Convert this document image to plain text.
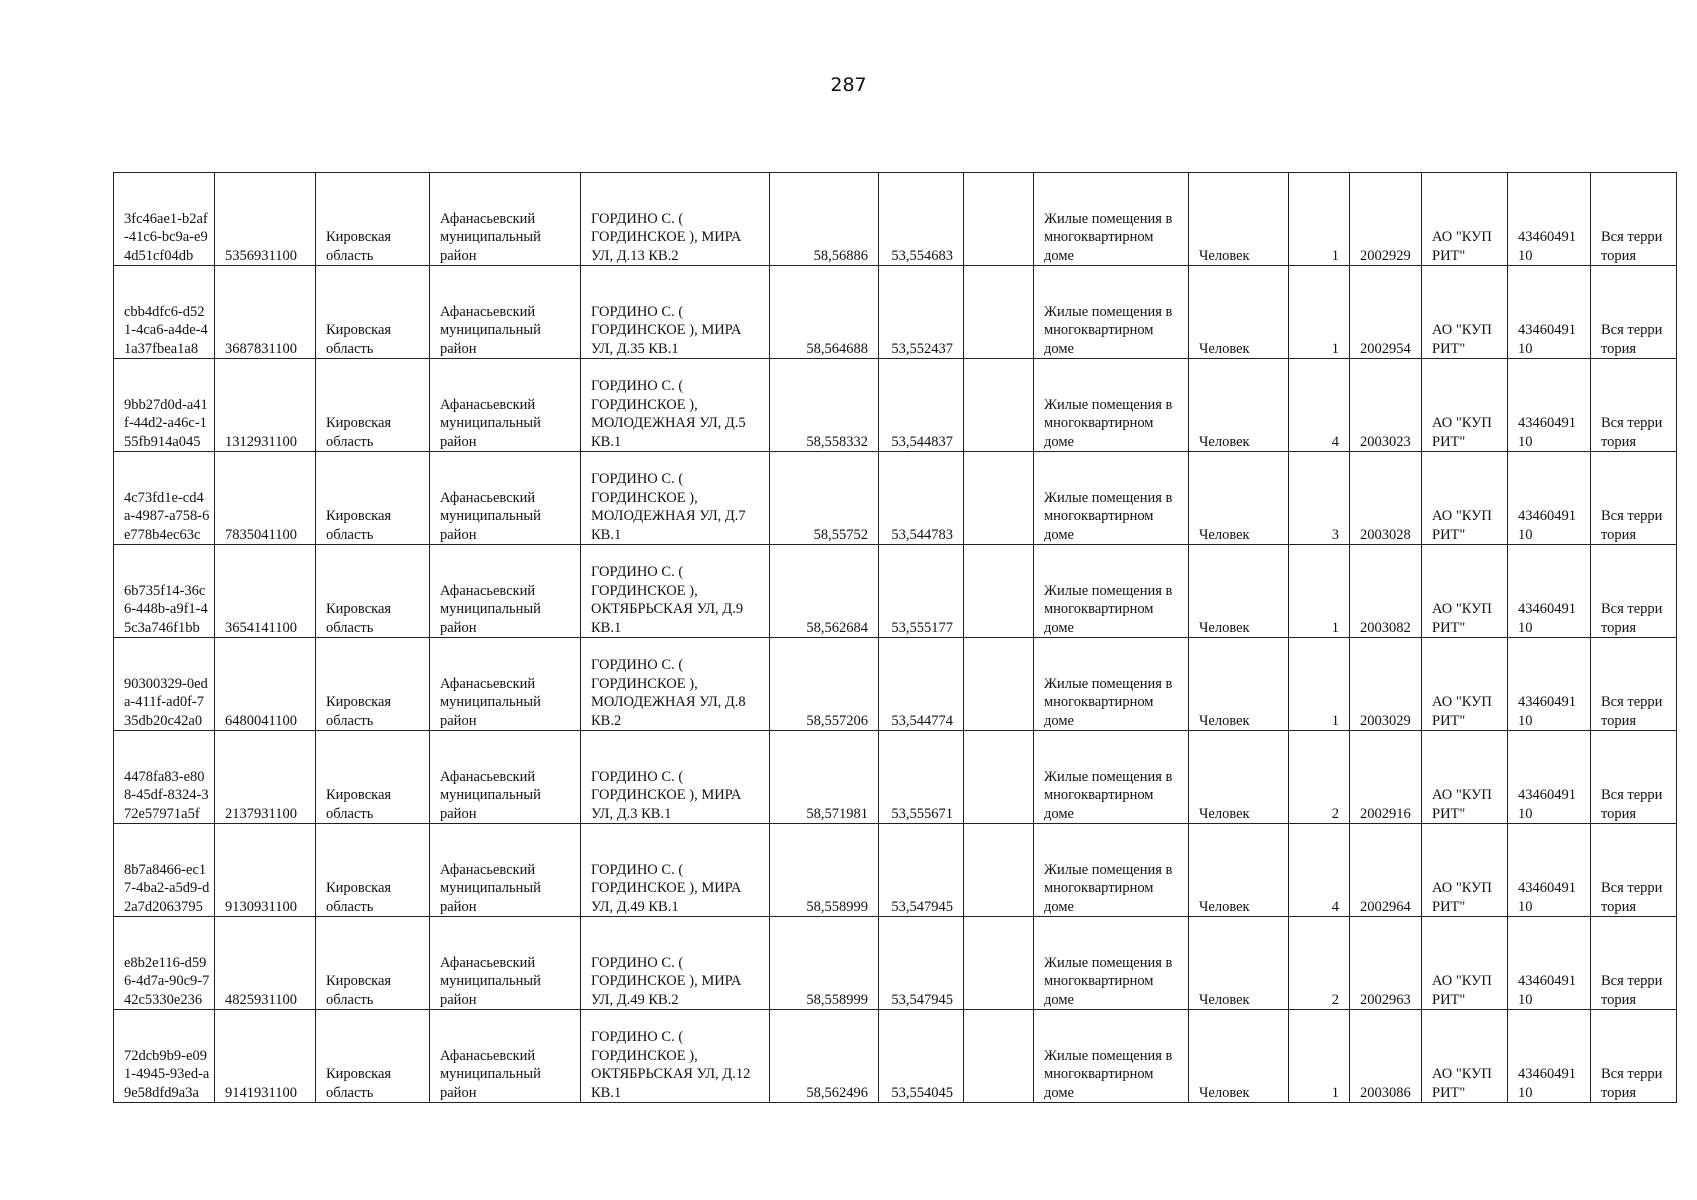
287
3fc46ae1-b2af-41c6-bc9a-e94d51cf04db	5356931100	Кировская область	Афанасьевский муниципальный район	ГОРДИНО С. ( ГОРДИНСКОЕ ), МИРА УЛ, Д.13 КВ.2	58,56886	53,554683		Жилые помещения в многоквартирном доме	Человек	1	2002929	АО "КУПРИТ"	4346049110	Вся территория
cbb4dfc6-d521-4ca6-a4de-41a37fbea1a8	3687831100	Кировская область	Афанасьевский муниципальный район	ГОРДИНО С. ( ГОРДИНСКОЕ ), МИРА УЛ, Д.35 КВ.1	58,564688	53,552437		Жилые помещения в многоквартирном доме	Человек	1	2002954	АО "КУПРИТ"	4346049110	Вся территория
9bb27d0d-a41f-44d2-a46c-155fb914a045	1312931100	Кировская область	Афанасьевский муниципальный район	ГОРДИНО С. ( ГОРДИНСКОЕ ), МОЛОДЕЖНАЯ УЛ, Д.5 КВ.1	58,558332	53,544837		Жилые помещения в многоквартирном доме	Человек	4	2003023	АО "КУПРИТ"	4346049110	Вся территория
4c73fd1e-cd4a-4987-a758-6e778b4ec63c	7835041100	Кировская область	Афанасьевский муниципальный район	ГОРДИНО С. ( ГОРДИНСКОЕ ), МОЛОДЕЖНАЯ УЛ, Д.7 КВ.1	58,55752	53,544783		Жилые помещения в многоквартирном доме	Человек	3	2003028	АО "КУПРИТ"	4346049110	Вся территория
6b735f14-36c6-448b-a9f1-45c3a746f1bb	3654141100	Кировская область	Афанасьевский муниципальный район	ГОРДИНО С. ( ГОРДИНСКОЕ ), ОКТЯБРЬСКАЯ УЛ, Д.9 КВ.1	58,562684	53,555177		Жилые помещения в многоквартирном доме	Человек	1	2003082	АО "КУПРИТ"	4346049110	Вся территория
90300329-0eda-411f-ad0f-735db20c42a0	6480041100	Кировская область	Афанасьевский муниципальный район	ГОРДИНО С. ( ГОРДИНСКОЕ ), МОЛОДЕЖНАЯ УЛ, Д.8 КВ.2	58,557206	53,544774		Жилые помещения в многоквартирном доме	Человек	1	2003029	АО "КУПРИТ"	4346049110	Вся территория
4478fa83-e808-45df-8324-372e57971a5f	2137931100	Кировская область	Афанасьевский муниципальный район	ГОРДИНО С. ( ГОРДИНСКОЕ ), МИРА УЛ, Д.3 КВ.1	58,571981	53,555671		Жилые помещения в многоквартирном доме	Человек	2	2002916	АО "КУПРИТ"	4346049110	Вся территория
8b7a8466-ec17-4ba2-a5d9-d2a7d2063795	9130931100	Кировская область	Афанасьевский муниципальный район	ГОРДИНО С. ( ГОРДИНСКОЕ ), МИРА УЛ, Д.49 КВ.1	58,558999	53,547945		Жилые помещения в многоквартирном доме	Человек	4	2002964	АО "КУПРИТ"	4346049110	Вся территория
e8b2e116-d596-4d7a-90c9-742c5330e236	4825931100	Кировская область	Афанасьевский муниципальный район	ГОРДИНО С. ( ГОРДИНСКОЕ ), МИРА УЛ, Д.49 КВ.2	58,558999	53,547945		Жилые помещения в многоквартирном доме	Человек	2	2002963	АО "КУПРИТ"	4346049110	Вся территория
72dcb9b9-e091-4945-93ed-a9e58dfd9a3a	9141931100	Кировская область	Афанасьевский муниципальный район	ГОРДИНО С. ( ГОРДИНСКОЕ ), ОКТЯБРЬСКАЯ УЛ, Д.12 КВ.1	58,562496	53,554045		Жилые помещения в многоквартирном доме	Человек	1	2003086	АО "КУПРИТ"	4346049110	Вся территория
